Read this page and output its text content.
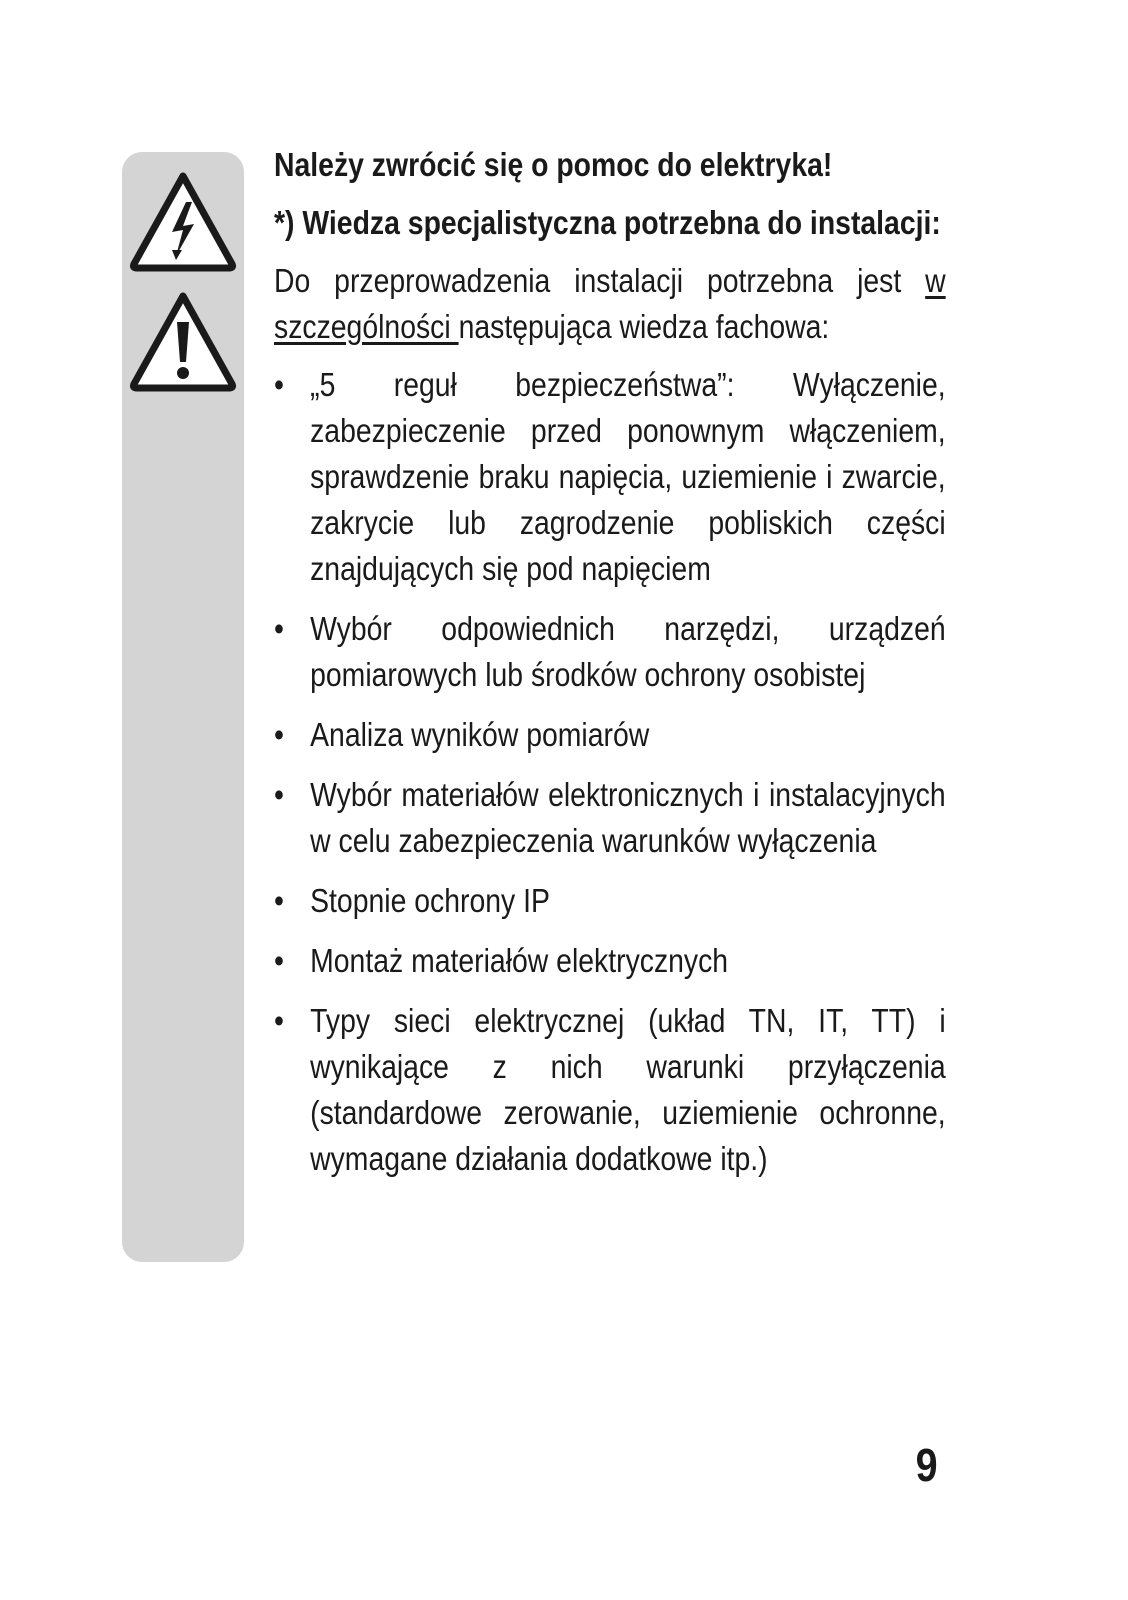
Należy zwrócić się o pomoc do elektryka!

*) Wiedza specjalistyczna potrzebna do instalacji:

Do przeprowadzenia instalacji potrzebna jest w szczególności następująca wiedza fachowa:

• „5 reguł bezpieczeństwa”: Wyłączenie, zabezpieczenie przed ponownym włączeniem, sprawdzenie braku napięcia, uziemienie i zwarcie, zakrycie lub zagrodzenie pobliskich części znajdujących się pod napięciem
• Wybór odpowiednich narzędzi, urządzeń pomiarowych lub środków ochrony osobistej
• Analiza wyników pomiarów
• Wybór materiałów elektronicznych i instalacyjnych w celu zabezpieczenia warunków wyłączenia
• Stopnie ochrony IP
• Montaż materiałów elektrycznych
• Typy sieci elektrycznej (układ TN, IT, TT) i wynikające z nich warunki przyłączenia (standardowe zerowanie, uziemienie ochronne, wymagane działania dodatkowe itp.)
9
